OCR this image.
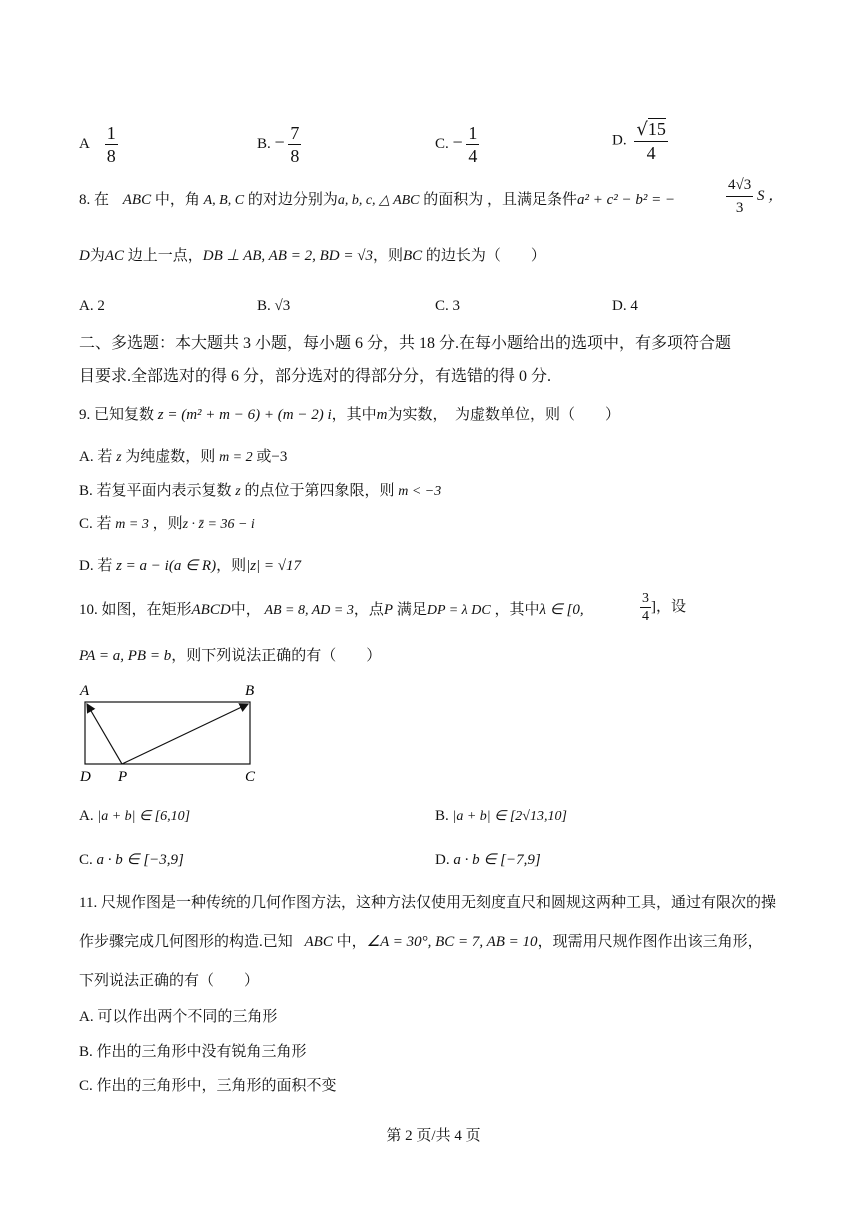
A $\frac{1}{8}$	B. − $\frac{7}{8}$	C. − $\frac{1}{4}$	D. $\frac{√15}{4}$
8. 在 ABC 中，角 A, B, C 的对边分别为a, b, c, △ ABC 的面积为 ，且满足条件a² + c² − b² = −	$\frac{4√3}{3}$ S ，
D为AC 边上一点，DB ⊥ AB, AB = 2, BD = √3，则BC 的边长为（　　）
A. 2	B. √3	C. 3	D. 4
二、多选题：本大题共 3 小题，每小题 6 分，共 18 分.在每小题给出的选项中，有多项符合题
目要求.全部选对的得 6 分，部分选对的得部分分，有选错的得 0 分.
9. 已知复数 z = (m² + m − 6) + (m − 2) i，其中m为实数，　为虚数单位，则（　　）
A. 若 z 为纯虚数，则 m = 2 或−3
B. 若复平面内表示复数 z 的点位于第四象限，则 m < −3
C. 若 m = 3 ，则z · z̄ = 36 − i
D. 若 z = a − i(a ∈ R)，则|z| = √17
10. 如图，在矩形ABCD中， AB = 8, AD = 3，点P 满足DP = λ DC ，其中λ ∈ [0,	$\frac{3}{4}$ ]，设
PA = a, PB = b，则下列说法正确的有（　　）
A	B
C
D P
A. |a + b| ∈ [6,10]	B. |a + b| ∈ [2√13,10]
C. a · b ∈ [−3,9]	D. a · b ∈ [−7,9]
11. 尺规作图是一种传统的几何作图方法，这种方法仅使用无刻度直尺和圆规这两种工具，通过有限次的操
作步骤完成几何图形的构造.已知 ABC 中，∠A = 30°, BC = 7, AB = 10，现需用尺规作图作出该三角形，
下列说法正确的有（　　）
A. 可以作出两个不同的三角形
B. 作出的三角形中没有锐角三角形
C. 作出的三角形中，三角形的面积不变
第 2 页/共 4 页
